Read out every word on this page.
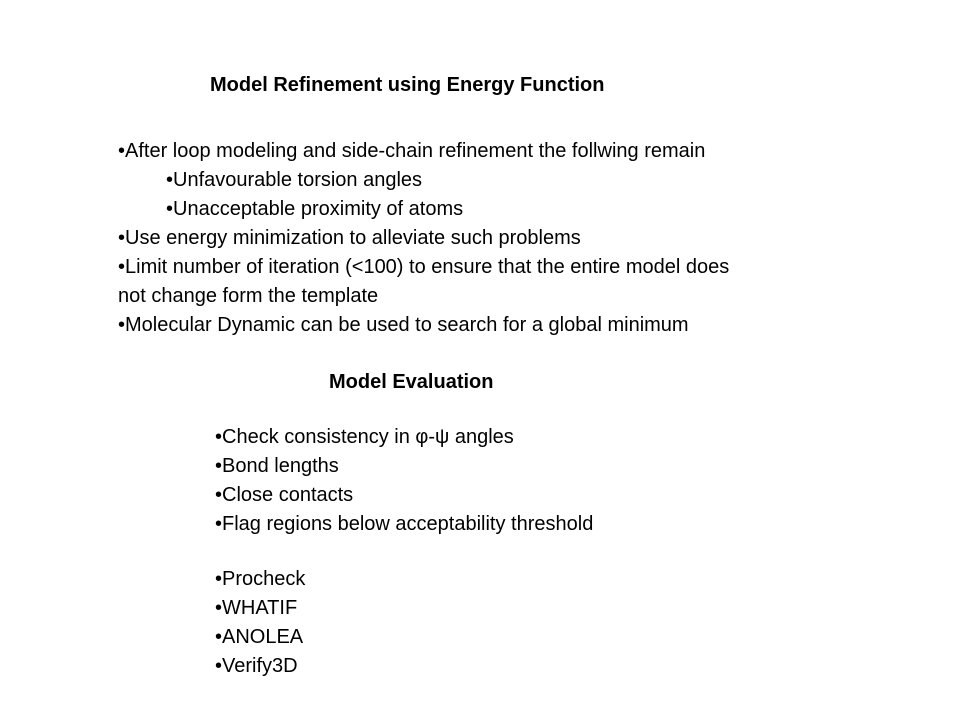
Model Refinement using Energy Function
•After loop modeling and side-chain refinement the follwing remain
•Unfavourable torsion angles
•Unacceptable proximity of atoms
•Use energy minimization to alleviate such problems
•Limit number of iteration (<100) to ensure that the entire model does
not change form the template
•Molecular Dynamic can be used to search for a global minimum
Model Evaluation
•Check consistency in φ-ψ angles
•Bond lengths
•Close contacts
•Flag regions below acceptability threshold
•Procheck
•WHATIF
•ANOLEA
•Verify3D
